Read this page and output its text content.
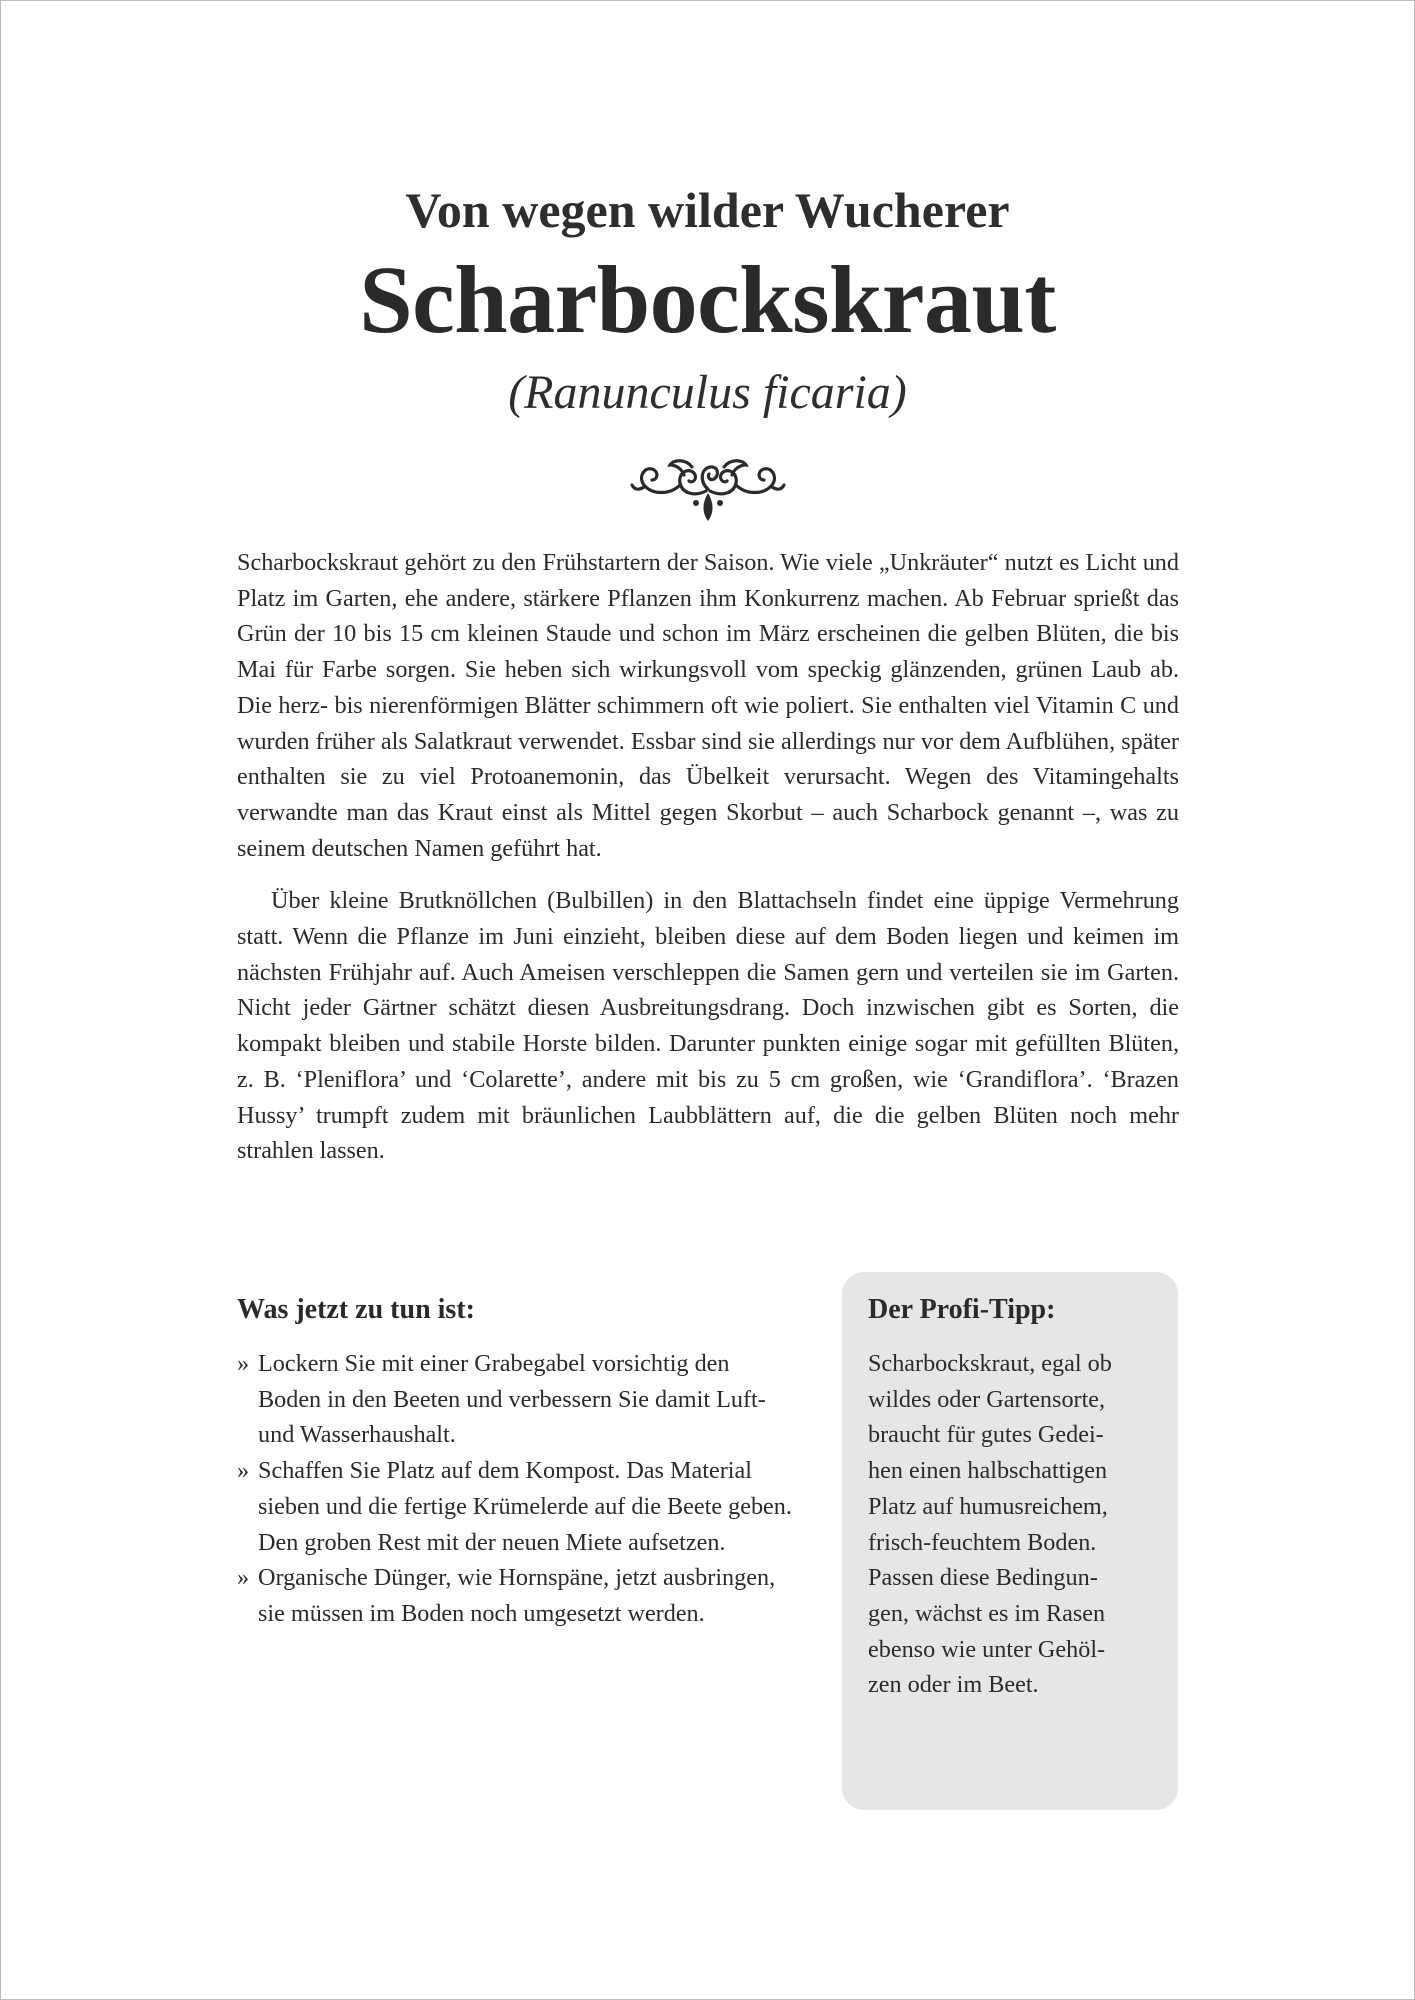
Von wegen wilder Wucherer
Scharbockskraut
(Ranunculus ficaria)

Scharbockskraut gehört zu den Frühstartern der Saison. Wie viele „Unkräuter“ nutzt es Licht und Platz im Garten, ehe andere, stärkere Pflanzen ihm Konkurrenz machen. Ab Februar sprießt das Grün der 10 bis 15 cm kleinen Staude und schon im März erscheinen die gelben Blüten, die bis Mai für Farbe sorgen. Sie heben sich wirkungsvoll vom speckig glänzenden, grünen Laub ab. Die herz- bis nierenförmigen Blätter schimmern oft wie poliert. Sie enthalten viel Vitamin C und wurden früher als Salatkraut verwendet. Essbar sind sie allerdings nur vor dem Aufblühen, später enthalten sie zu viel Protoanemonin, das Übelkeit verursacht. Wegen des Vitamingehalts verwandte man das Kraut einst als Mittel gegen Skorbut – auch Scharbock genannt –, was zu seinem deutschen Namen geführt hat.

Über kleine Brutknöllchen (Bulbillen) in den Blattachseln findet eine üppige Vermehrung statt. Wenn die Pflanze im Juni einzieht, bleiben diese auf dem Boden liegen und keimen im nächsten Frühjahr auf. Auch Ameisen verschleppen die Samen gern und verteilen sie im Garten. Nicht jeder Gärtner schätzt diesen Ausbreitungsdrang. Doch inzwischen gibt es Sorten, die kompakt bleiben und stabile Horste bilden. Darunter punkten einige sogar mit gefüllten Blüten, z. B. ‘Pleniflora’ und ‘Colarette’, andere mit bis zu 5 cm großen, wie ‘Grandiflora’. ‘Brazen Hussy’ trumpft zudem mit bräunlichen Laubblättern auf, die die gelben Blüten noch mehr strahlen lassen.

Was jetzt zu tun ist:
» Lockern Sie mit einer Grabegabel vorsichtig den Boden in den Beeten und verbessern Sie damit Luft- und Wasserhaushalt.
» Schaffen Sie Platz auf dem Kompost. Das Material sieben und die fertige Krümelerde auf die Beete geben. Den groben Rest mit der neuen Miete aufsetzen.
» Organische Dünger, wie Hornspäne, jetzt ausbringen, sie müssen im Boden noch umgesetzt werden.
Der Profi-Tipp:
Scharbockskraut, egal ob
wildes oder Gartensorte,
braucht für gutes Gedei-
hen einen halbschattigen
Platz auf humusreichem,
frisch-feuchtem Boden.
Passen diese Bedingun-
gen, wächst es im Rasen
ebenso wie unter Gehöl-
zen oder im Beet.
